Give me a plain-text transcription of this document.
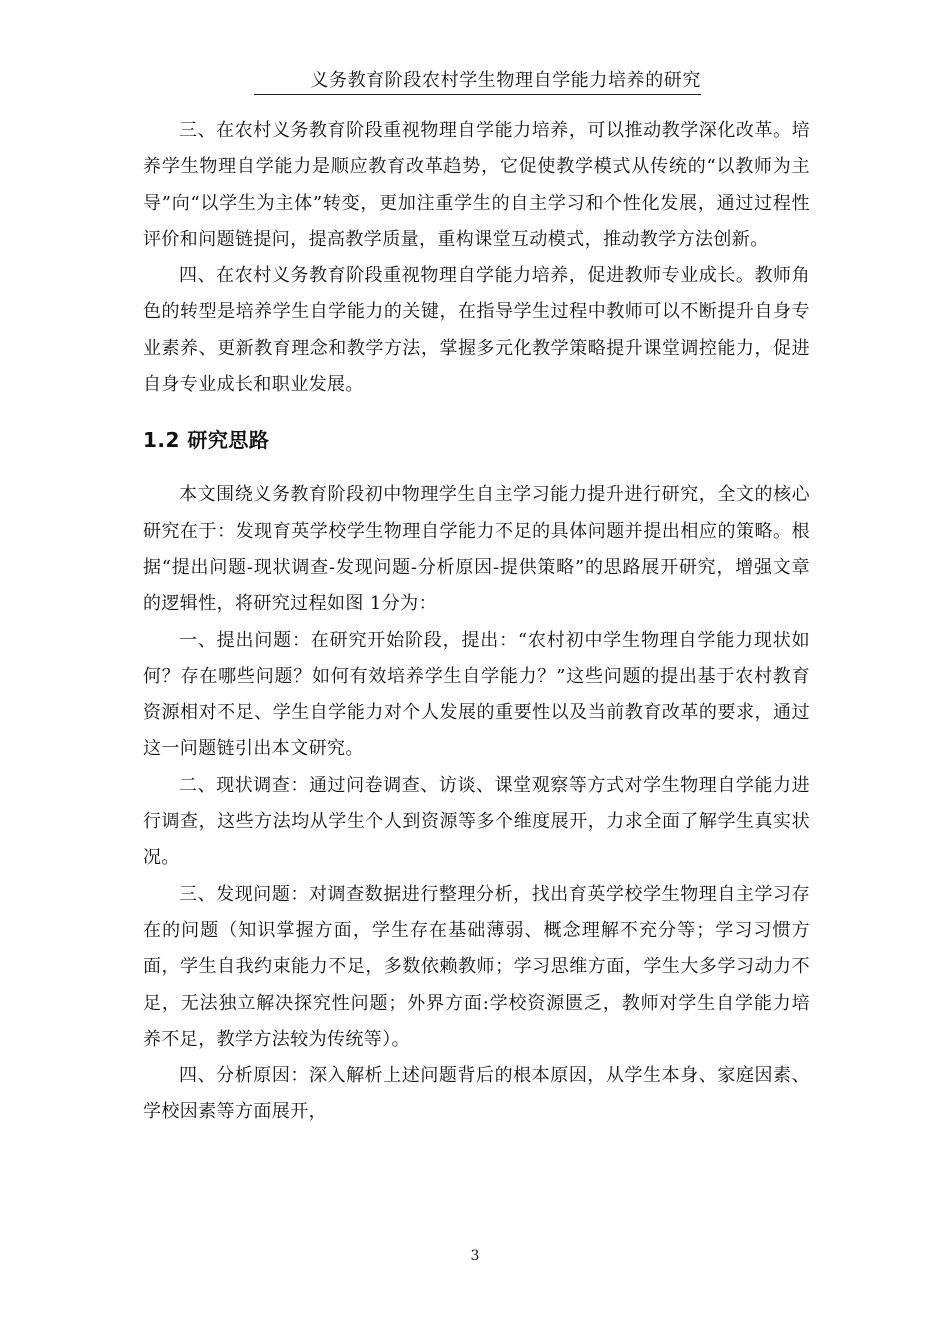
义务教育阶段农村学生物理自学能力培养的研究

三、在农村义务教育阶段重视物理自学能力培养，可以推动教学深化改革。培养学生物理自学能力是顺应教育改革趋势，它促使教学模式从传统的“以教师为主导”向“以学生为主体”转变，更加注重学生的自主学习和个性化发展，通过过程性评价和问题链提问，提高教学质量，重构课堂互动模式，推动教学方法创新。

四、在农村义务教育阶段重视物理自学能力培养，促进教师专业成长。教师角色的转型是培养学生自学能力的关键，在指导学生过程中教师可以不断提升自身专业素养、更新教育理念和教学方法，掌握多元化教学策略提升课堂调控能力，促进自身专业成长和职业发展。

1.2 研究思路

本文围绕义务教育阶段初中物理学生自主学习能力提升进行研究，全文的核心研究在于：发现育英学校学生物理自学能力不足的具体问题并提出相应的策略。根据“提出问题-现状调查-发现问题-分析原因-提供策略”的思路展开研究，增强文章的逻辑性，将研究过程如图 1分为：

一、提出问题：在研究开始阶段，提出：“农村初中学生物理自学能力现状如何？存在哪些问题？如何有效培养学生自学能力？”这些问题的提出基于农村教育资源相对不足、学生自学能力对个人发展的重要性以及当前教育改革的要求，通过这一问题链引出本文研究。

二、现状调查：通过问卷调查、访谈、课堂观察等方式对学生物理自学能力进行调查，这些方法均从学生个人到资源等多个维度展开，力求全面了解学生真实状况。

三、发现问题：对调查数据进行整理分析，找出育英学校学生物理自主学习存在的问题（知识掌握方面，学生存在基础薄弱、概念理解不充分等；学习习惯方面，学生自我约束能力不足，多数依赖教师；学习思维方面，学生大多学习动力不足，无法独立解决探究性问题；外界方面:学校资源匮乏，教师对学生自学能力培养不足，教学方法较为传统等）。

四、分析原因：深入解析上述问题背后的根本原因，从学生本身、家庭因素、学校因素等方面展开，

3
